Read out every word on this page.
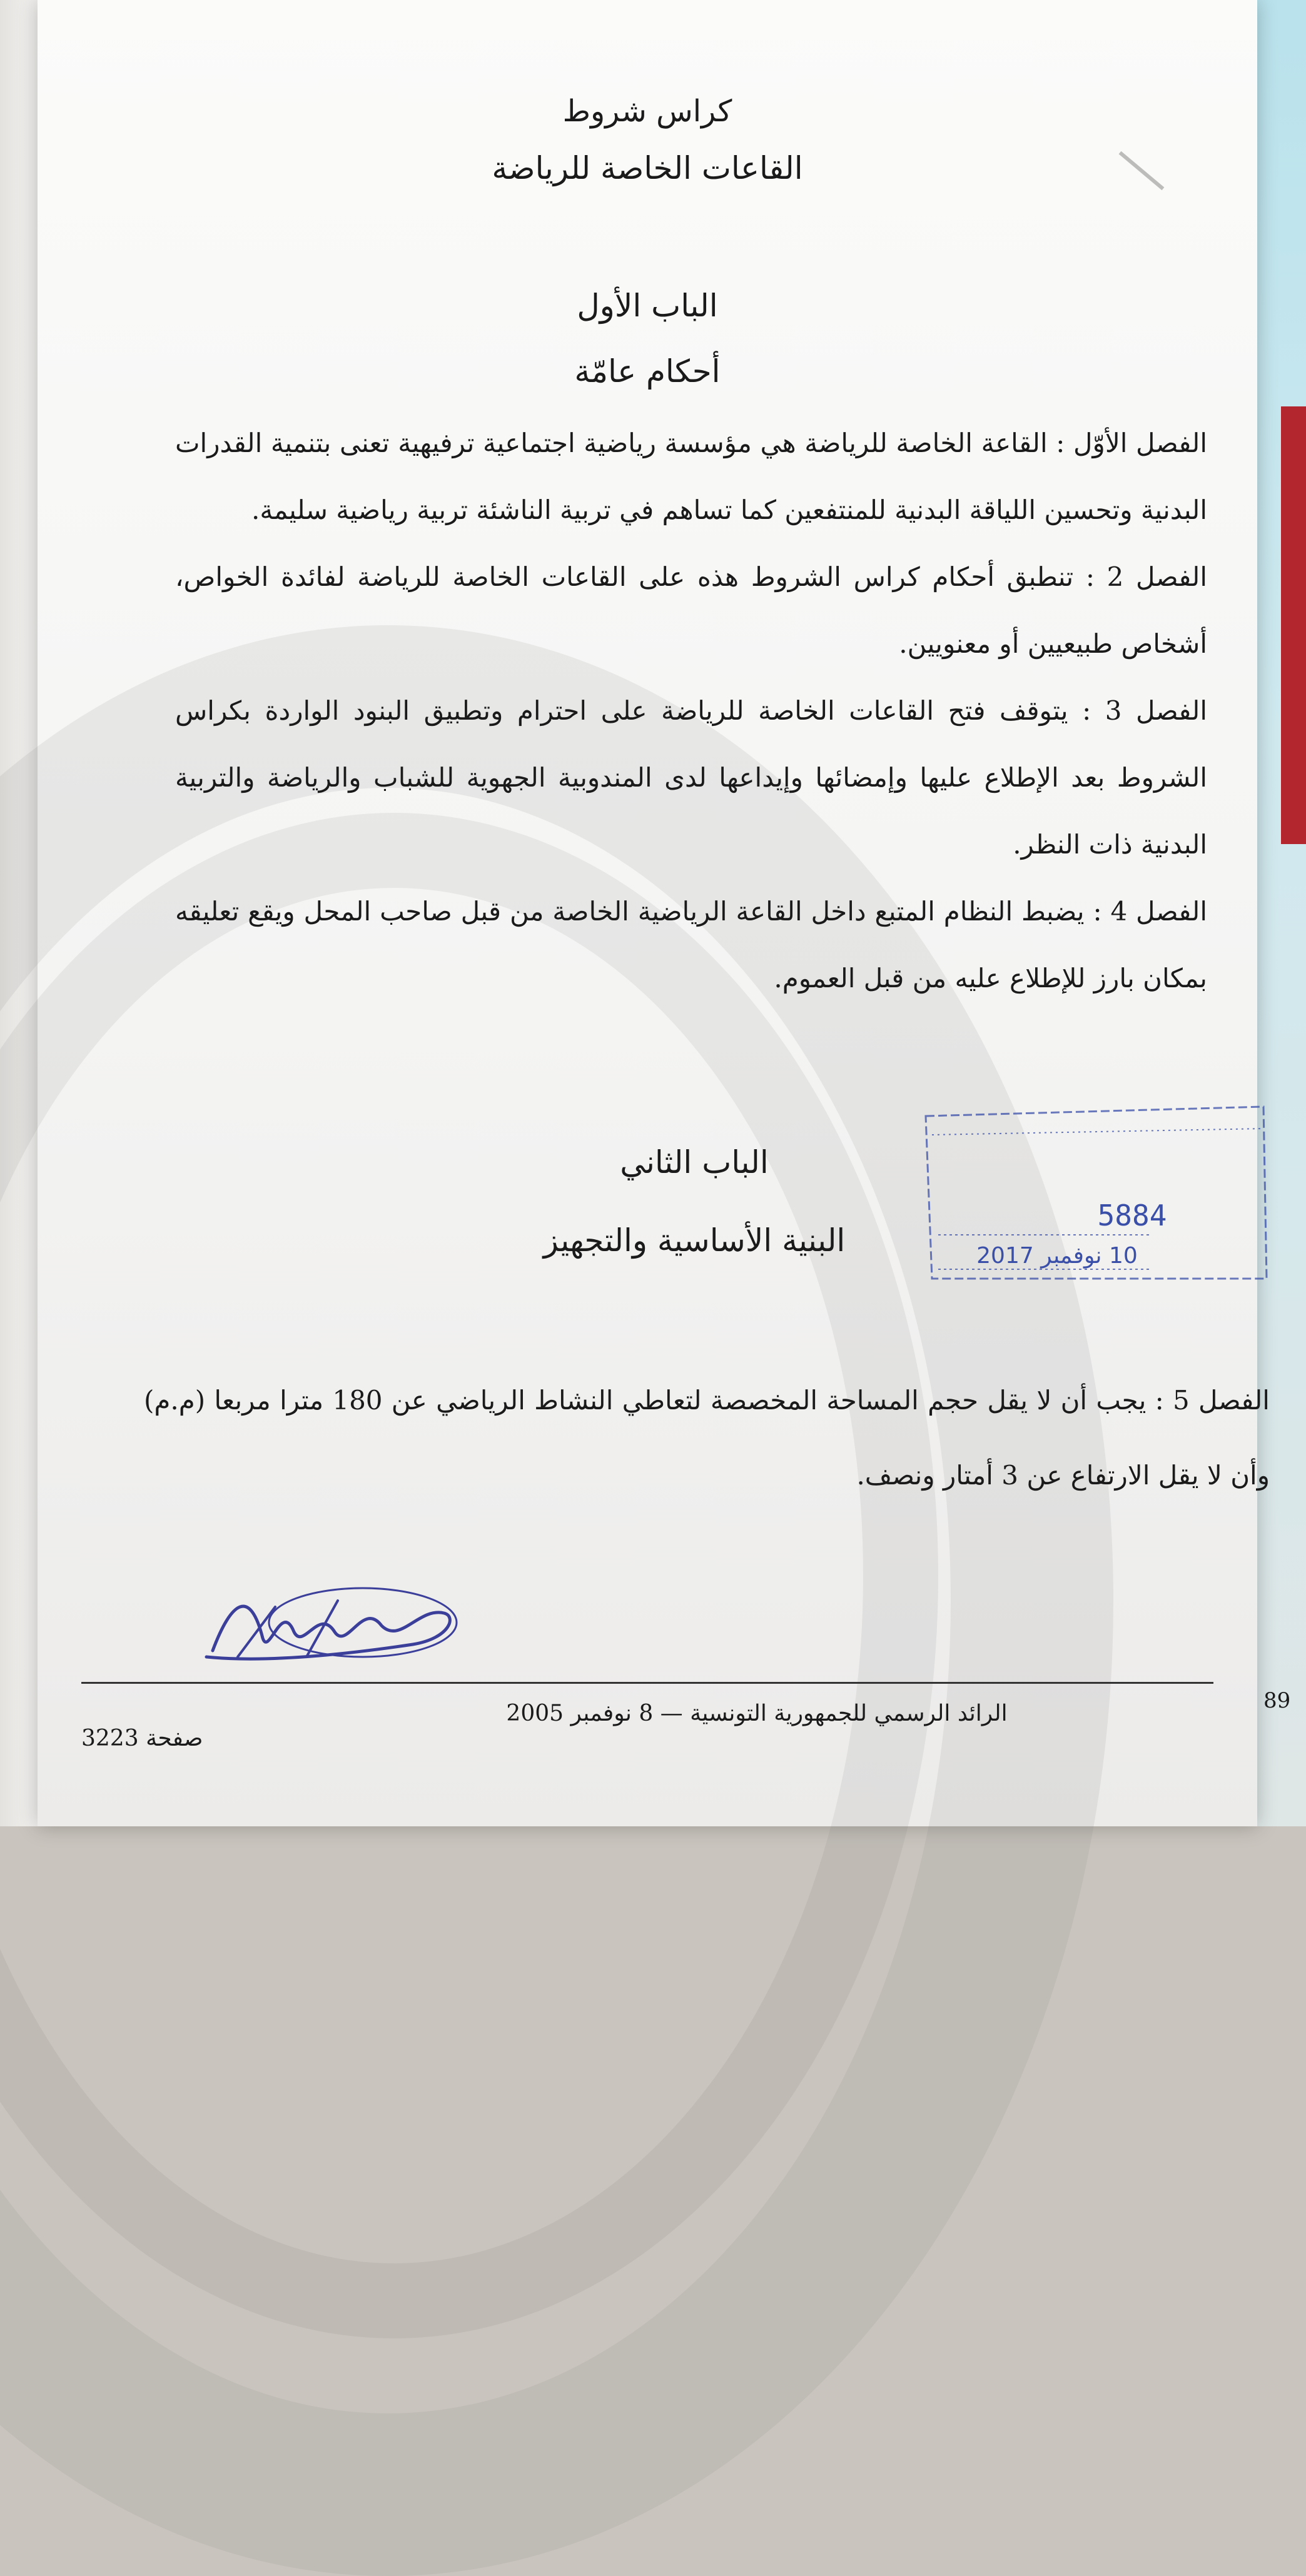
كراس شروط
القاعات الخاصة للرياضة
الباب الأول
أحكام عامّة

الفصل الأوّل : القاعة الخاصة للرياضة هي مؤسسة رياضية اجتماعية ترفيهية تعنى بتنمية القدرات البدنية وتحسين اللياقة البدنية للمنتفعين كما تساهم في تربية الناشئة تربية رياضية سليمة.

الفصل 2 : تنطبق أحكام كراس الشروط هذه على القاعات الخاصة للرياضة لفائدة الخواص، أشخاص طبيعيين أو معنويين.

الفصل 3 : يتوقف فتح القاعات الخاصة للرياضة على احترام وتطبيق البنود الواردة بكراس الشروط بعد الإطلاع عليها وإمضائها وإيداعها لدى المندوبية الجهوية للشباب والرياضة والتربية البدنية ذات النظر.

الفصل 4 : يضبط النظام المتبع داخل القاعة الرياضية الخاصة من قبل صاحب المحل ويقع تعليقه بمكان بارز للإطلاع عليه من قبل العموم.

الباب الثاني
البنية الأساسية والتجهيز

الفصل 5 : يجب أن لا يقل حجم المساحة المخصصة لتعاطي النشاط الرياضي عن 180 مترا مربعا (م.م) وأن لا يقل الارتفاع عن 3 أمتار ونصف.

5884
10 نوفمبر 2017
الرائد الرسمي للجمهورية التونسية — 8 نوفمبر 2005
صفحة 3223
89
